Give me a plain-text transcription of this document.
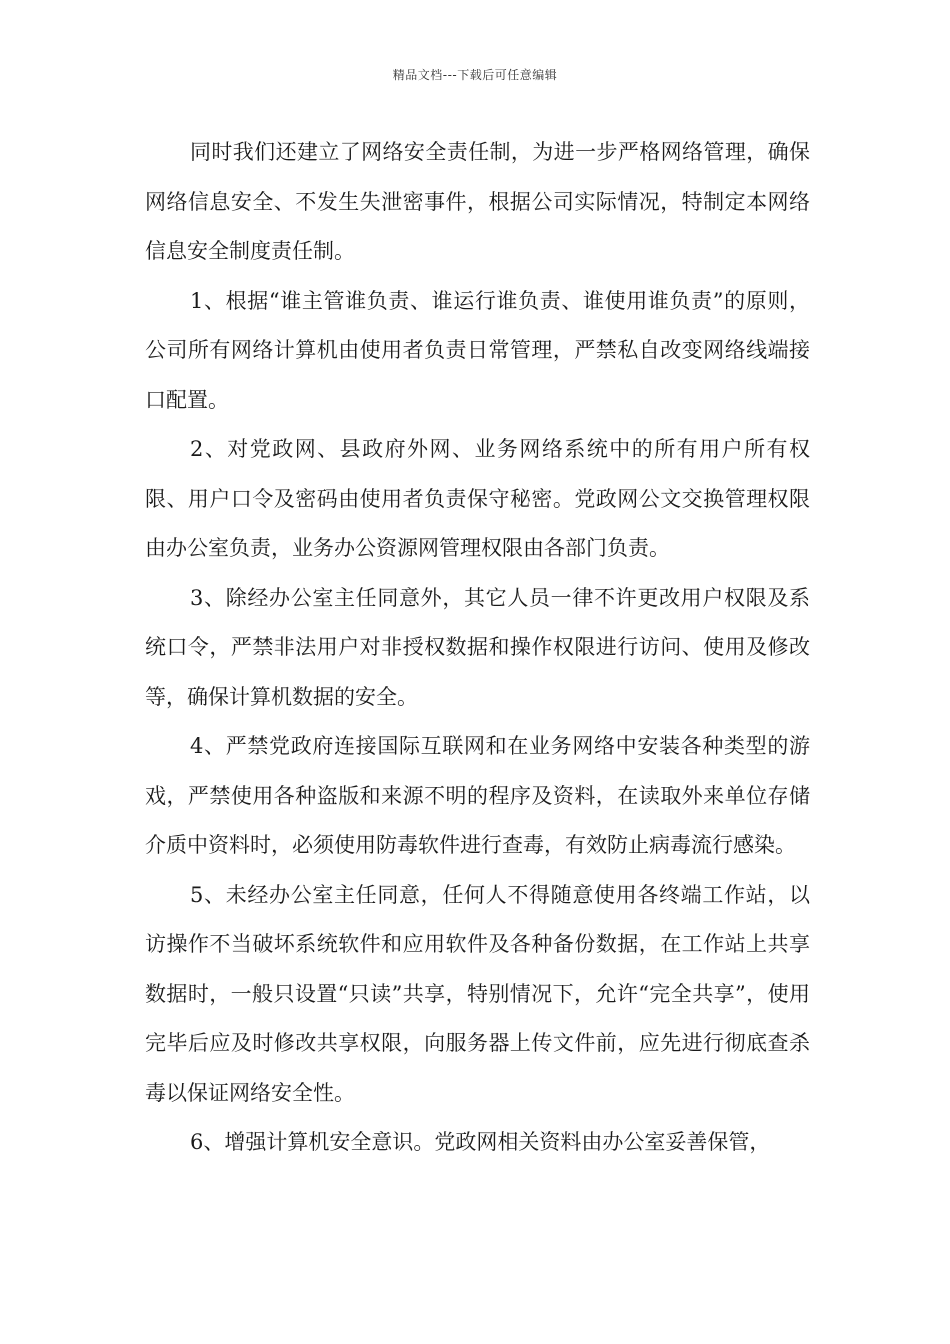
精品文档---下载后可任意编辑

同时我们还建立了网络安全责任制，为进一步严格网络管理，确保网络信息安全、不发生失泄密事件，根据公司实际情况，特制定本网络信息安全制度责任制。

1、根据“谁主管谁负责、谁运行谁负责、谁使用谁负责”的原则，公司所有网络计算机由使用者负责日常管理，严禁私自改变网络线端接口配置。

2、对党政网、县政府外网、业务网络系统中的所有用户所有权限、用户口令及密码由使用者负责保守秘密。党政网公文交换管理权限由办公室负责，业务办公资源网管理权限由各部门负责。

3、除经办公室主任同意外，其它人员一律不许更改用户权限及系统口令，严禁非法用户对非授权数据和操作权限进行访问、使用及修改等，确保计算机数据的安全。

4、严禁党政府连接国际互联网和在业务网络中安装各种类型的游戏，严禁使用各种盗版和来源不明的程序及资料，在读取外来单位存储介质中资料时，必须使用防毒软件进行查毒，有效防止病毒流行感染。

5、未经办公室主任同意，任何人不得随意使用各终端工作站，以访操作不当破坏系统软件和应用软件及各种备份数据，在工作站上共享数据时，一般只设置“只读”共享，特别情况下，允许“完全共享”，使用完毕后应及时修改共享权限，向服务器上传文件前，应先进行彻底查杀毒以保证网络安全性。

6、增强计算机安全意识。党政网相关资料由办公室妥善保管，
